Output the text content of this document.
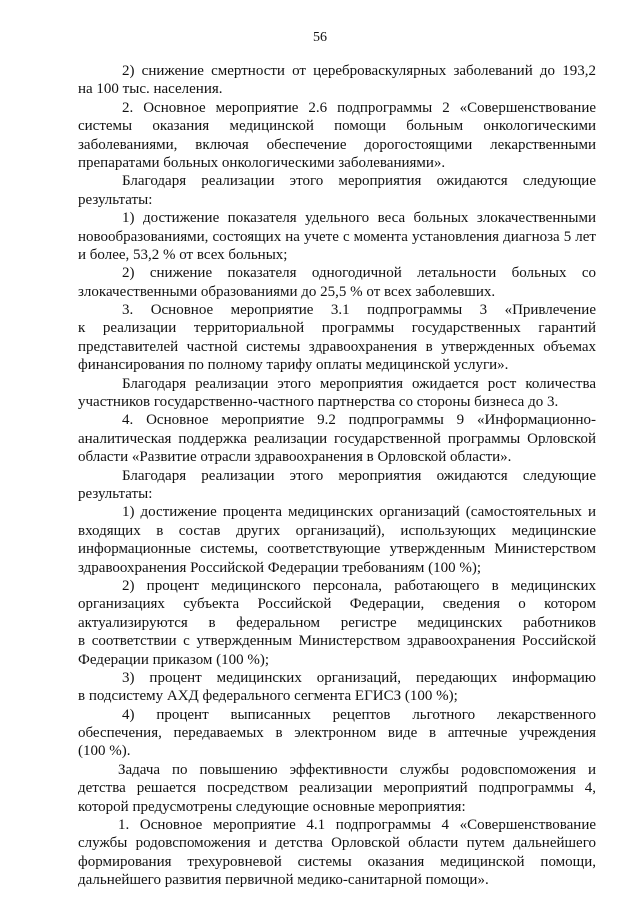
56
2) снижение смертности от цереброваскулярных заболеваний до 193,2
на 100 тыс. населения.
2. Основное мероприятие 2.6 подпрограммы 2 «Совершенствование
системы оказания медицинской помощи больным онкологическими
заболеваниями, включая обеспечение дорогостоящими лекарственными
препаратами больных онкологическими заболеваниями».
Благодаря реализации этого мероприятия ожидаются следующие
результаты:
1) достижение показателя удельного веса больных злокачественными
новообразованиями, состоящих на учете с момента установления диагноза 5 лет
и более, 53,2 % от всех больных;
2) снижение показателя одногодичной летальности больных со
злокачественными образованиями до 25,5 % от всех заболевших.
3. Основное мероприятие 3.1 подпрограммы 3 «Привлечение
к реализации территориальной программы государственных гарантий
представителей частной системы здравоохранения в утвержденных объемах
финансирования по полному тарифу оплаты медицинской услуги».
Благодаря реализации этого мероприятия ожидается рост количества
участников государственно-частного партнерства со стороны бизнеса до 3.
4. Основное мероприятие 9.2 подпрограммы 9 «Информационно-
аналитическая поддержка реализации государственной программы Орловской
области «Развитие отрасли здравоохранения в Орловской области».
Благодаря реализации этого мероприятия ожидаются следующие
результаты:
1) достижение процента медицинских организаций (самостоятельных и
входящих в состав других организаций), использующих медицинские
информационные системы, соответствующие утвержденным Министерством
здравоохранения Российской Федерации требованиям (100 %);
2) процент медицинского персонала, работающего в медицинских
организациях субъекта Российской Федерации, сведения о котором
актуализируются в федеральном регистре медицинских работников
в соответствии с утвержденным Министерством здравоохранения Российской
Федерации приказом (100 %);
3) процент медицинских организаций, передающих информацию
в подсистему АХД федерального сегмента ЕГИСЗ (100 %);
4) процент выписанных рецептов льготного лекарственного
обеспечения, передаваемых в электронном виде в аптечные учреждения
(100 %).
Задача по повышению эффективности службы родовспоможения и
детства решается посредством реализации мероприятий подпрограммы 4,
которой предусмотрены следующие основные мероприятия:
1. Основное мероприятие 4.1 подпрограммы 4 «Совершенствование
службы родовспоможения и детства Орловской области путем дальнейшего
формирования трехуровневой системы оказания медицинской помощи,
дальнейшего развития первичной медико-санитарной помощи».
